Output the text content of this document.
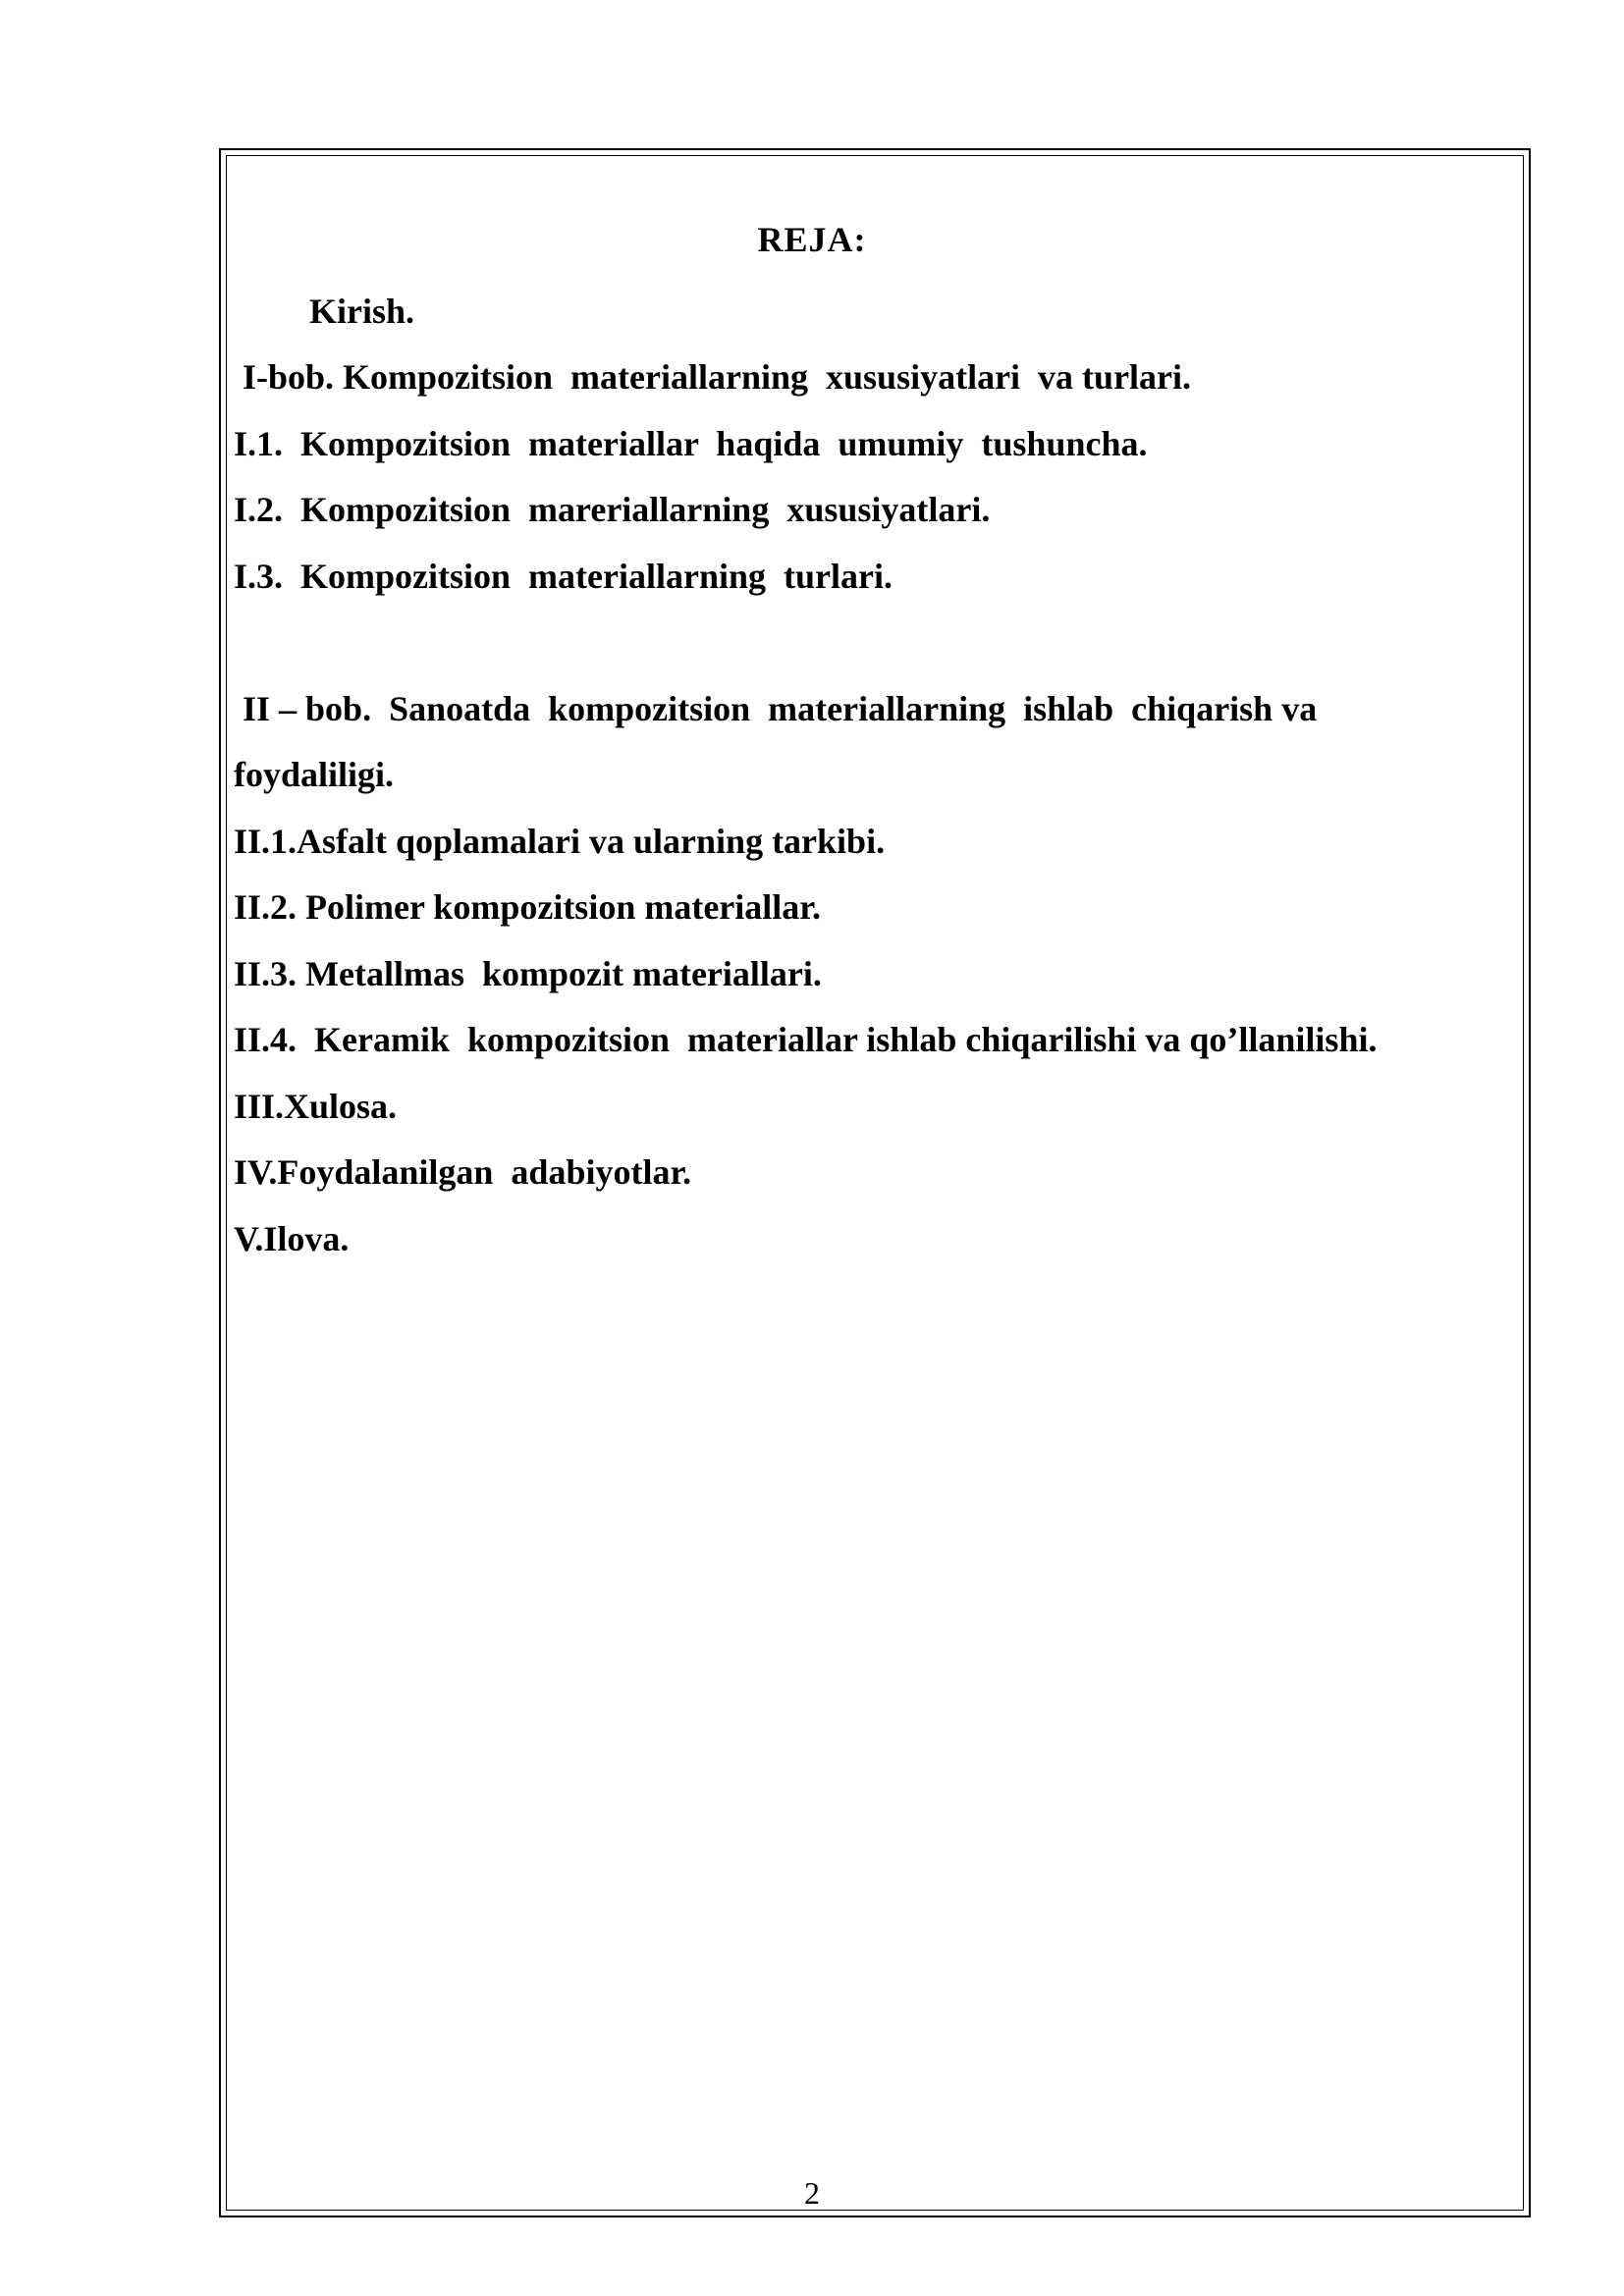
REJA:
Kirish.
I-bob. Kompozitsion  materiallarning  xususiyatlari  va turlari.
I.1.  Kompozitsion  materiallar  haqida  umumiy  tushuncha.
I.2.  Kompozitsion  mareriallarning  xususiyatlari.
I.3.  Kompozitsion  materiallarning  turlari.
II – bob.  Sanoatda  kompozitsion  materiallarning  ishlab  chiqarish va
foydaliligi.
II.1.Asfalt qoplamalari va ularning tarkibi.
II.2. Polimer kompozitsion materiallar.
II.3. Metallmas  kompozit materiallari.
II.4.  Keramik  kompozitsion  materiallar ishlab chiqarilishi va qo’llanilishi.
III.Xulosa.
IV.Foydalanilgan  adabiyotlar.
V.Ilova.
2
